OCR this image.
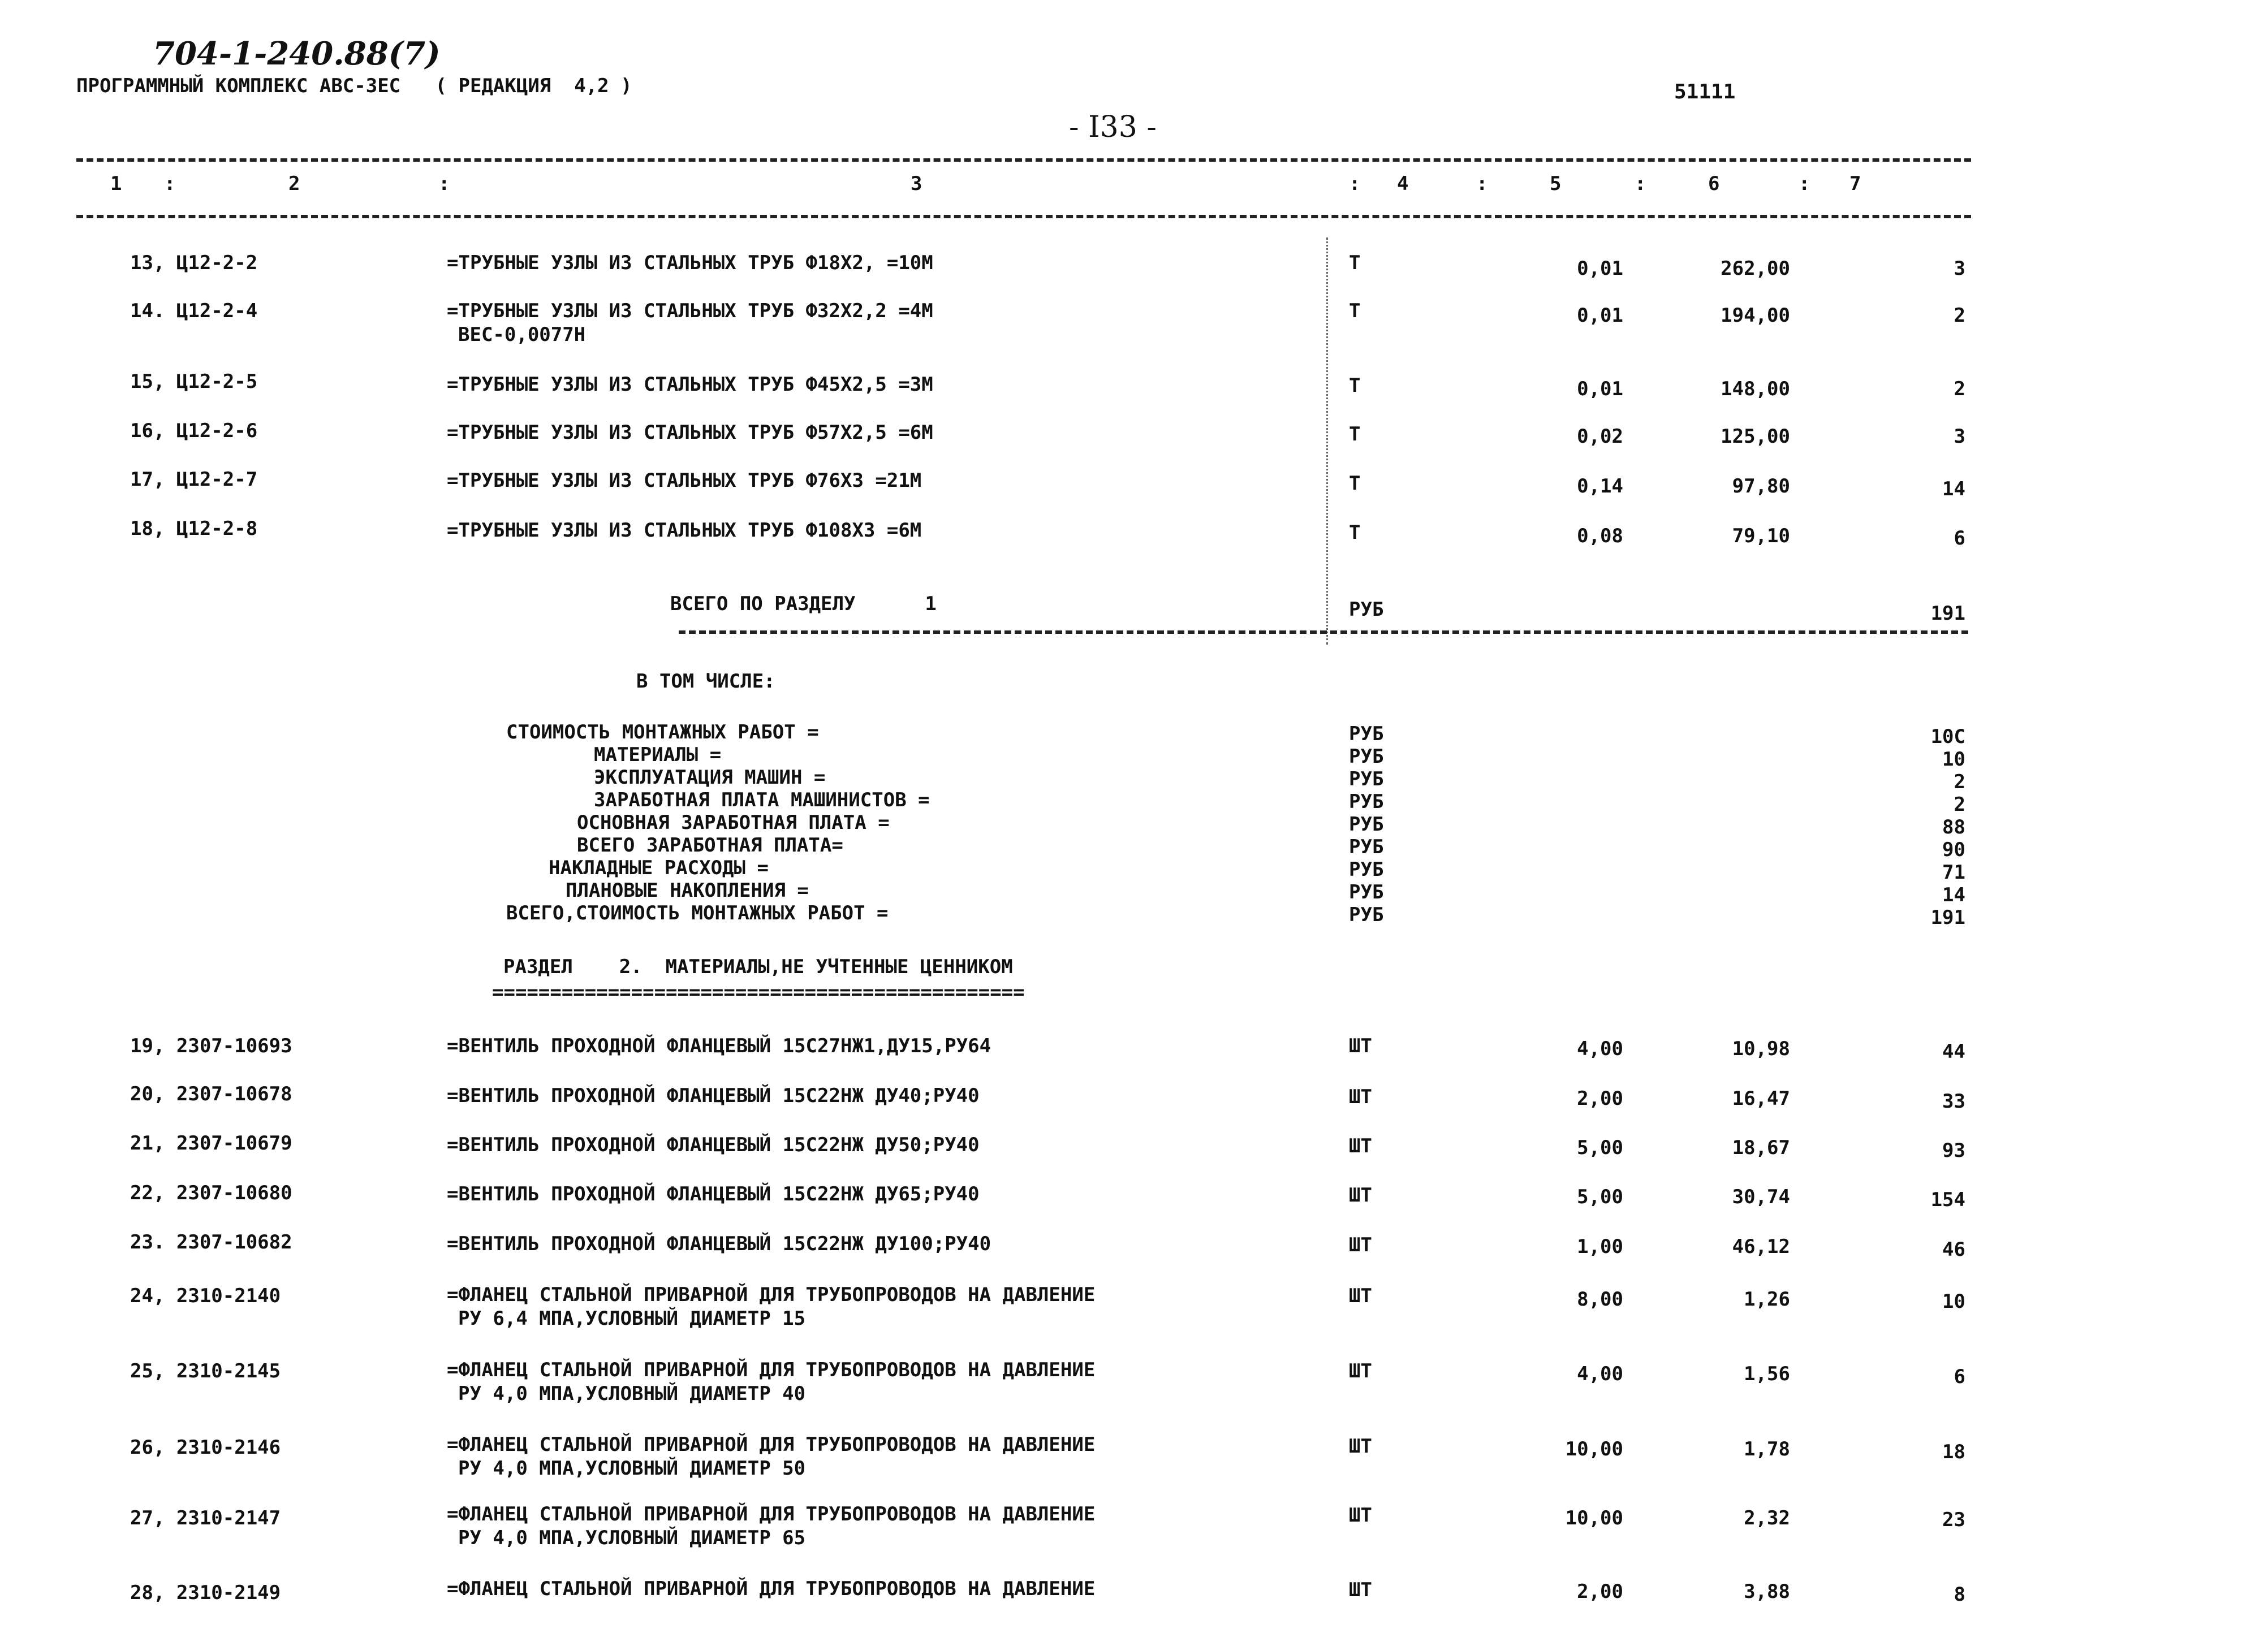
704-1-240.88(7)
ПРОГРАММНЫЙ КОМПЛЕКС АВС-ЗЕС   ( РЕДАКЦИЯ  4,2 )	51111
- I33 -
1 :	2	:	3	: 4	:	5	:	6	: 7
13, Ц12-2-2	=ТРУБНЫЕ УЗЛЫ ИЗ СТАЛЬНЫХ ТРУБ Ф18Х2, =10М	Т	0,01	262,00	3
14. Ц12-2-4	=ТРУБНЫЕ УЗЛЫ ИЗ СТАЛЬНЫХ ТРУБ Ф32Х2,2 =4М
ВЕС-0,0077Н
Т	0,01	194,00	2
15, Ц12-2-5	=ТРУБНЫЕ УЗЛЫ ИЗ СТАЛЬНЫХ ТРУБ Ф45Х2,5 =3М	Т	0,01	148,00	2
16, Ц12-2-6	=ТРУБНЫЕ УЗЛЫ ИЗ СТАЛЬНЫХ ТРУБ Ф57Х2,5 =6М	Т	0,02	125,00	3
17, Ц12-2-7	=ТРУБНЫЕ УЗЛЫ ИЗ СТАЛЬНЫХ ТРУБ Ф76Х3 =21М	Т	0,14	97,80	14
18, Ц12-2-8	=ТРУБНЫЕ УЗЛЫ ИЗ СТАЛЬНЫХ ТРУБ Ф108Х3 =6М	Т	0,08	79,10	6
ВСЕГО ПО РАЗДЕЛУ      1	РУБ	191
В ТОМ ЧИСЛЕ:
СТОИМОСТЬ МОНТАЖНЫХ РАБОТ =	РУБ	10С
МАТЕРИАЛЫ =	РУБ	10
ЭКСПЛУАТАЦИЯ МАШИН =	РУБ	2
ЗАРАБОТНАЯ ПЛАТА МАШИНИСТОВ =	РУБ	2
ОСНОВНАЯ ЗАРАБОТНАЯ ПЛАТА =	РУБ	88
ВСЕГО ЗАРАБОТНАЯ ПЛАТА=	РУБ	90
НАКЛАДНЫЕ РАСХОДЫ =	РУБ	71
ПЛАНОВЫЕ НАКОПЛЕНИЯ =	РУБ	14
ВСЕГО,СТОИМОСТЬ МОНТАЖНЫХ РАБОТ =	РУБ	191
РАЗДЕЛ    2.  МАТЕРИАЛЫ,НЕ УЧТЕННЫЕ ЦЕННИКОМ
==============================================
19, 2307-10693	=ВЕНТИЛЬ ПРОХОДНОЙ ФЛАНЦЕВЫЙ 15С27НЖ1,ДУ15,РУ64	ШТ	4,00	10,98	44
20, 2307-10678	=ВЕНТИЛЬ ПРОХОДНОЙ ФЛАНЦЕВЫЙ 15С22НЖ ДУ40;РУ40	ШТ	2,00	16,47	33
21, 2307-10679	=ВЕНТИЛЬ ПРОХОДНОЙ ФЛАНЦЕВЫЙ 15С22НЖ ДУ50;РУ40	ШТ	5,00	18,67	93
22, 2307-10680	=ВЕНТИЛЬ ПРОХОДНОЙ ФЛАНЦЕВЫЙ 15С22НЖ ДУ65;РУ40	ШТ	5,00	30,74	154
23. 2307-10682	=ВЕНТИЛЬ ПРОХОДНОЙ ФЛАНЦЕВЫЙ 15С22НЖ ДУ100;РУ40	ШТ	1,00	46,12	46
24, 2310-2140	=ФЛАНЕЦ СТАЛЬНОЙ ПРИВАРНОЙ ДЛЯ ТРУБОПРОВОДОВ НА ДАВЛЕНИЕ
РУ 6,4 МПА,УСЛОВНЫЙ ДИАМЕТР 15
ШТ	8,00	1,26	10
25, 2310-2145	=ФЛАНЕЦ СТАЛЬНОЙ ПРИВАРНОЙ ДЛЯ ТРУБОПРОВОДОВ НА ДАВЛЕНИЕ
РУ 4,0 МПА,УСЛОВНЫЙ ДИАМЕТР 40
ШТ	4,00	1,56	6
26, 2310-2146	=ФЛАНЕЦ СТАЛЬНОЙ ПРИВАРНОЙ ДЛЯ ТРУБОПРОВОДОВ НА ДАВЛЕНИЕ
РУ 4,0 МПА,УСЛОВНЫЙ ДИАМЕТР 50
ШТ	10,00	1,78	18
27, 2310-2147	=ФЛАНЕЦ СТАЛЬНОЙ ПРИВАРНОЙ ДЛЯ ТРУБОПРОВОДОВ НА ДАВЛЕНИЕ
РУ 4,0 МПА,УСЛОВНЫЙ ДИАМЕТР 65
ШТ	10,00	2,32	23
28, 2310-2149	=ФЛАНЕЦ СТАЛЬНОЙ ПРИВАРНОЙ ДЛЯ ТРУБОПРОВОДОВ НА ДАВЛЕНИЕ	ШТ	2,00	3,88	8
